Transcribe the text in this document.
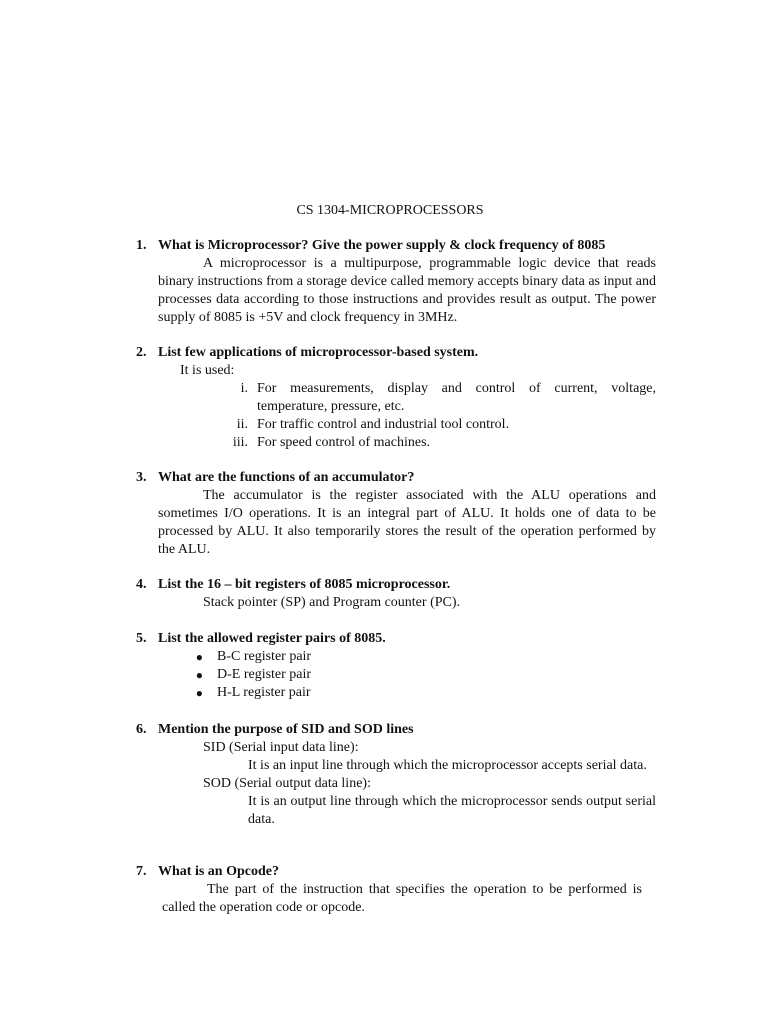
CS 1304-MICROPROCESSORS
1. What is Microprocessor? Give the power supply & clock frequency of 8085
A microprocessor is a multipurpose, programmable logic device that reads binary instructions from a storage device called memory accepts binary data as input and processes data according to those instructions and provides result as output. The power supply of 8085 is +5V and clock frequency in 3MHz.
2. List few applications of microprocessor-based system.
It is used:
i. For measurements, display and control of current, voltage, temperature, pressure, etc.
ii. For traffic control and industrial tool control.
iii. For speed control of machines.
3. What are the functions of an accumulator?
The accumulator is the register associated with the ALU operations and sometimes I/O operations. It is an integral part of ALU. It holds one of data to be processed by ALU. It also temporarily stores the result of the operation performed by the ALU.
4. List the 16 – bit registers of 8085 microprocessor.
Stack pointer (SP) and Program counter (PC).
5. List the allowed register pairs of 8085.
●	B-C register pair
●	D-E register pair
●	H-L register pair
6. Mention the purpose of SID and SOD lines
SID (Serial input data line):
It is an input line through which the microprocessor accepts serial data.
SOD (Serial output data line):
It is an output line through which the microprocessor sends output serial data.
7. What is an Opcode?
The part of the instruction that specifies the operation to be performed is called the operation code or opcode.
